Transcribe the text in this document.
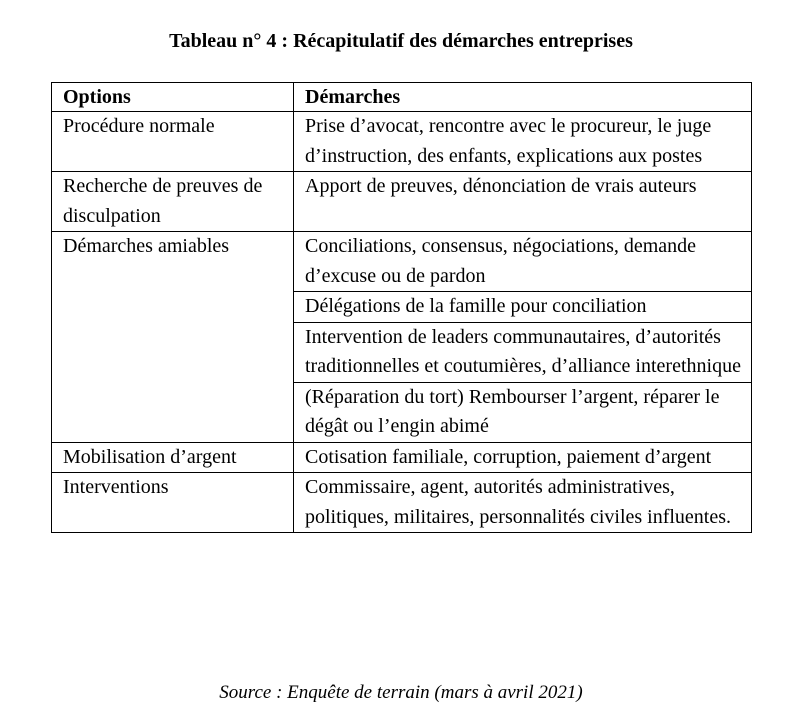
Tableau n° 4 : Récapitulatif des démarches entreprises
Options	Démarches
Procédure normale	Prise d’avocat, rencontre avec le procureur, le juge d’instruction, des enfants, explications aux postes
Recherche de preuves de disculpation	Apport de preuves, dénonciation de vrais auteurs
Démarches amiables	Conciliations, consensus, négociations, demande d’excuse ou de pardon
	Délégations de la famille pour conciliation
	Intervention de leaders communautaires, d’autorités traditionnelles et coutumières, d’alliance interethnique
	(Réparation du tort) Rembourser l’argent, réparer le dégât ou l’engin abimé
Mobilisation d’argent	Cotisation familiale, corruption, paiement d’argent
Interventions	Commissaire, agent, autorités administratives, politiques, militaires, personnalités civiles influentes.
Source : Enquête de terrain (mars à avril 2021)
